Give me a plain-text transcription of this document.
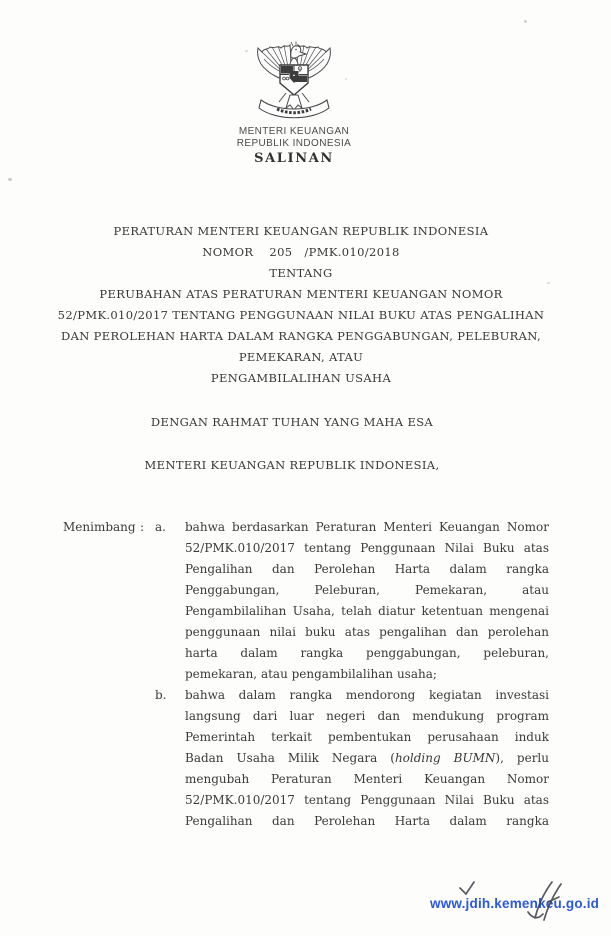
MENTERI KEUANGAN
REPUBLIK INDONESIA
SALINAN
PERATURAN MENTERI KEUANGAN REPUBLIK INDONESIA
NOMOR    205   /PMK.010/2018
TENTANG
PERUBAHAN ATAS PERATURAN MENTERI KEUANGAN NOMOR
52/PMK.010/2017 TENTANG PENGGUNAAN NILAI BUKU ATAS PENGALIHAN
DAN PEROLEHAN HARTA DALAM RANGKA PENGGABUNGAN, PELEBURAN,
PEMEKARAN, ATAU
PENGAMBILALIHAN USAHA
DENGAN RAHMAT TUHAN YANG MAHA ESA
MENTERI KEUANGAN REPUBLIK INDONESIA,
Menimbang : a.	bahwa berdasarkan Peraturan Menteri Keuangan Nomor
52/PMK.010/2017 tentang Penggunaan Nilai Buku atas
Pengalihan dan Perolehan Harta dalam rangka
Penggabungan, Peleburan, Pemekaran, atau
Pengambilalihan Usaha, telah diatur ketentuan mengenai
penggunaan nilai buku atas pengalihan dan perolehan
harta dalam rangka penggabungan, peleburan,
pemekaran, atau pengambilalihan usaha;
b.	bahwa dalam rangka mendorong kegiatan investasi
langsung dari luar negeri dan mendukung program
Pemerintah terkait pembentukan perusahaan induk
Badan Usaha Milik Negara (holding BUMN), perlu
mengubah Peraturan Menteri Keuangan Nomor
52/PMK.010/2017 tentang Penggunaan Nilai Buku atas
Pengalihan dan Perolehan Harta dalam rangka
www.jdih.kemenkeu.go.id
